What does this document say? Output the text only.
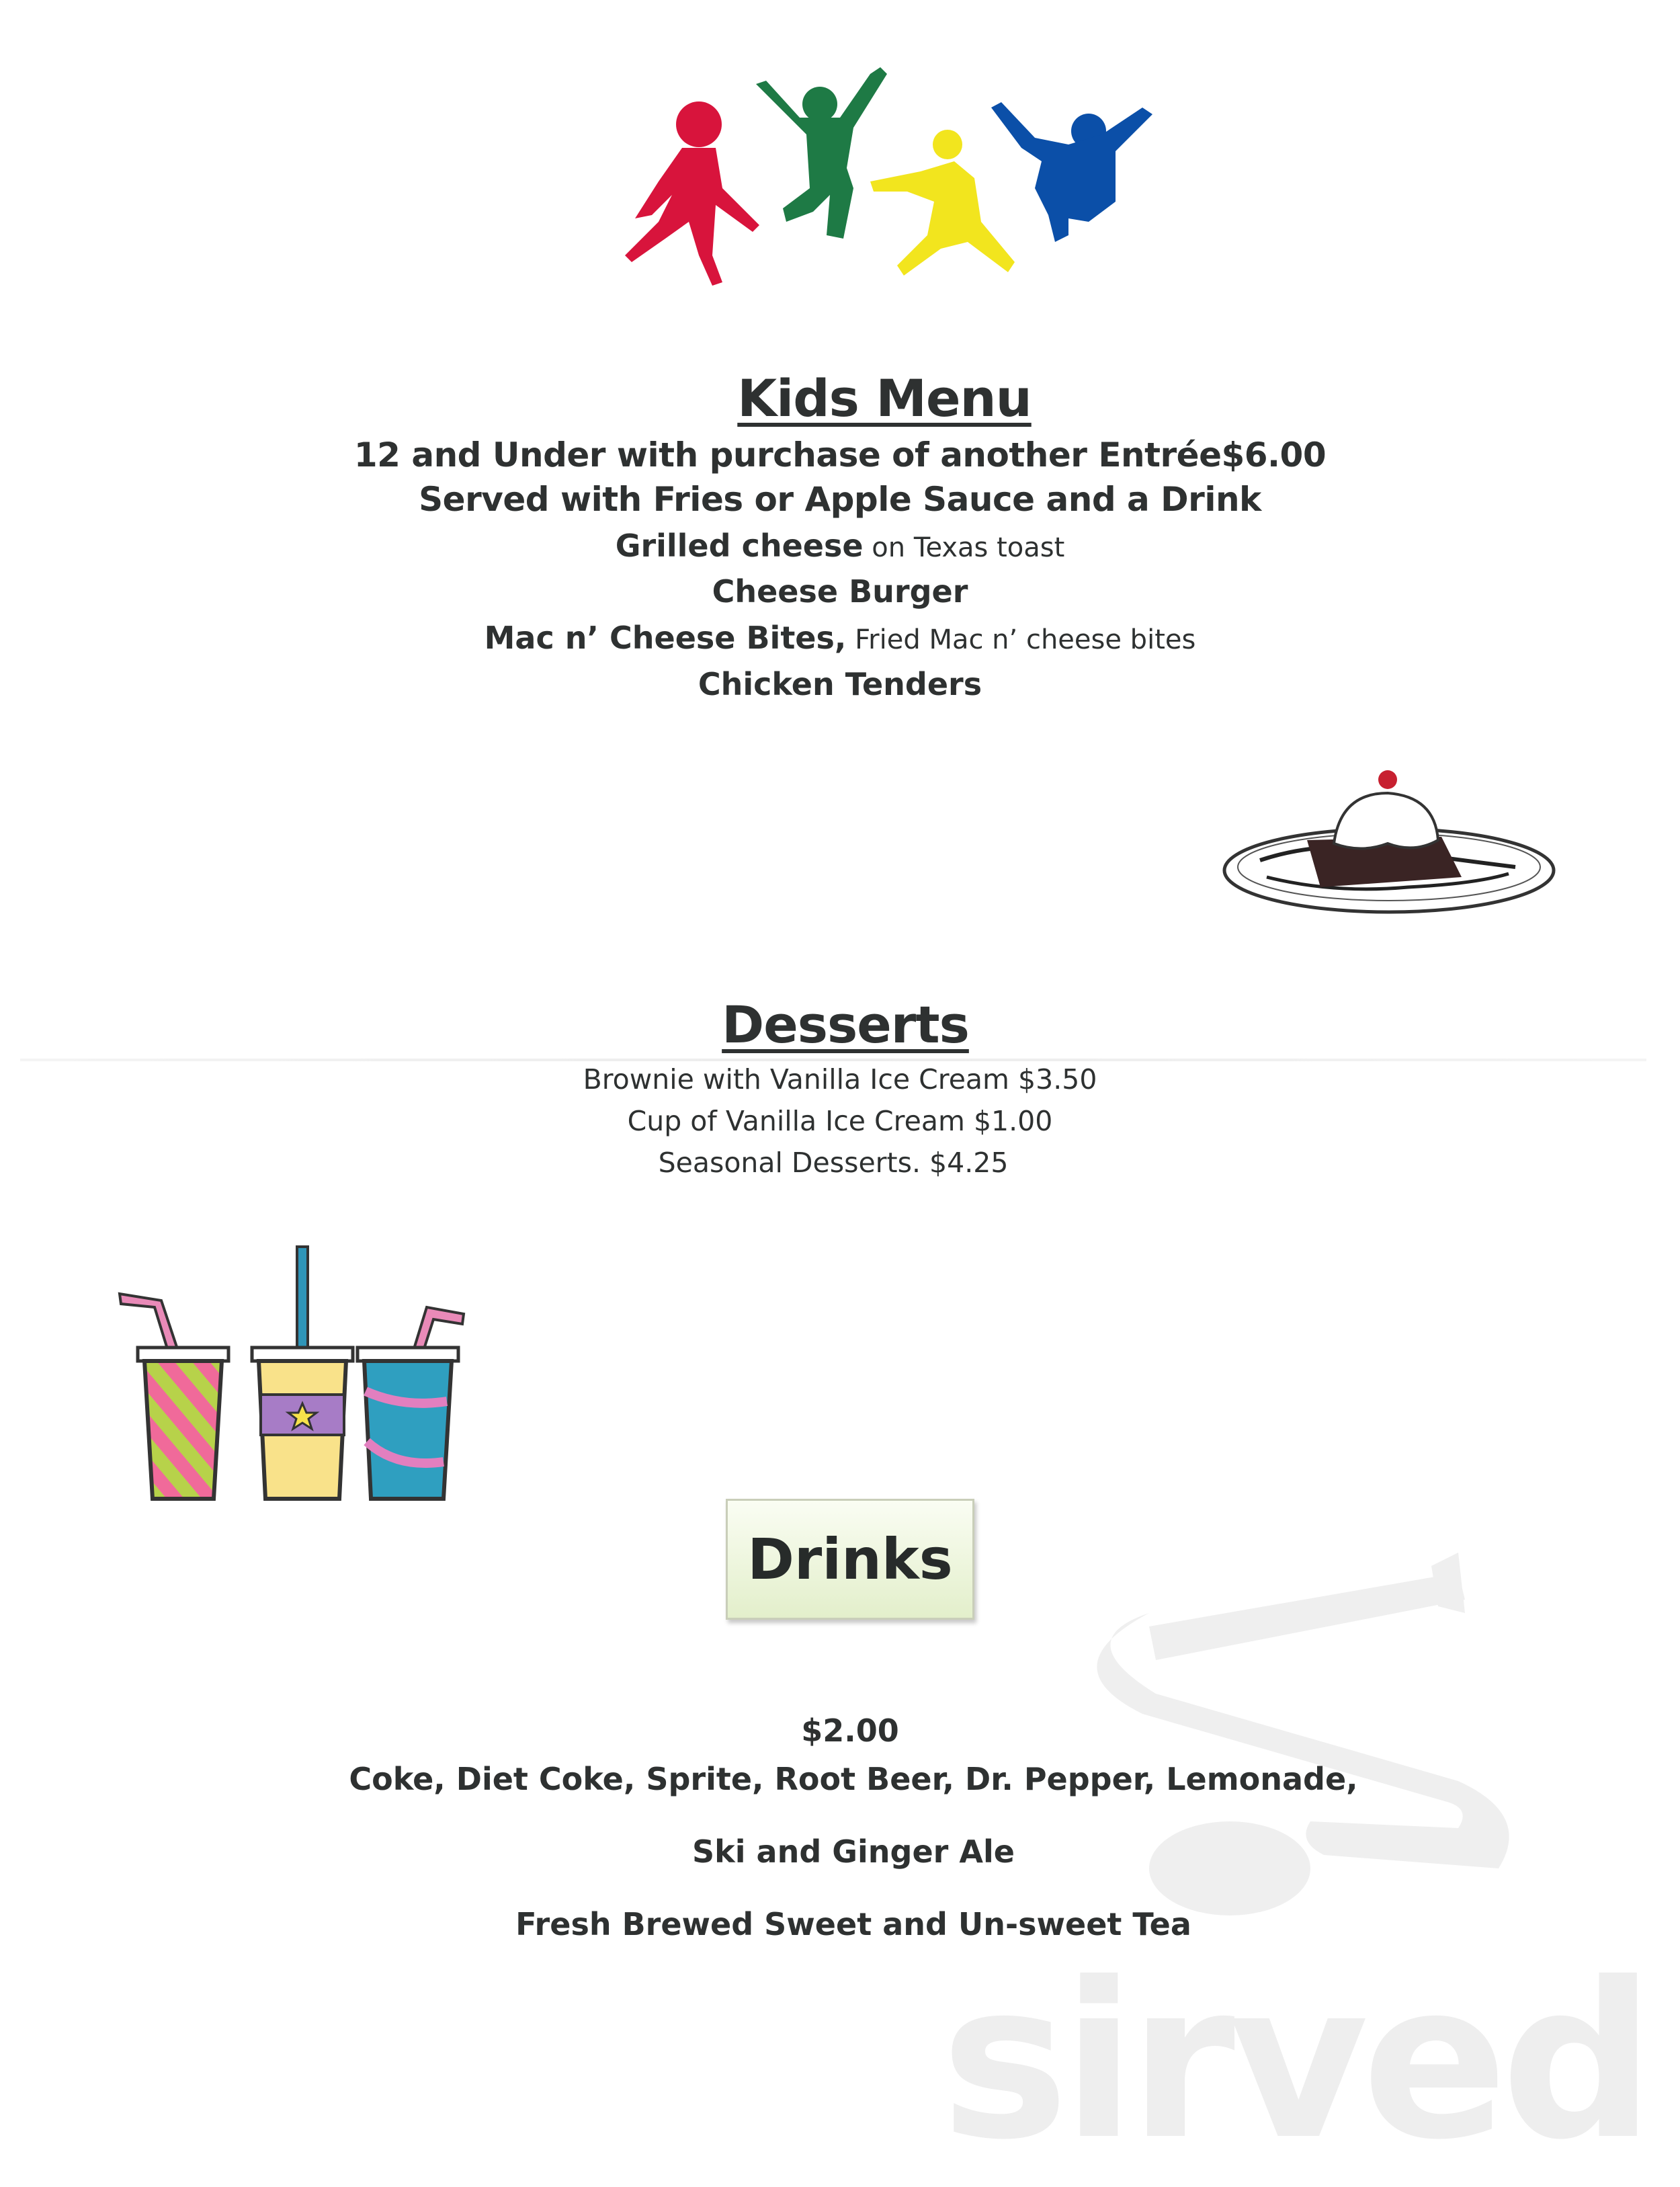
Kids Menu
12 and Under with purchase of another Entrée$6.00
Served with Fries or Apple Sauce and a Drink
Grilled cheese on Texas toast
Cheese Burger
Mac n’ Cheese Bites, Fried Mac n’ cheese bites
Chicken Tenders
Desserts
Brownie with Vanilla Ice Cream $3.50
Cup of Vanilla Ice Cream $1.00
Seasonal Desserts. $4.25
Drinks
sirved
$2.00
Coke, Diet Coke, Sprite, Root Beer, Dr. Pepper, Lemonade,
Ski and Ginger Ale
Fresh Brewed Sweet and Un-sweet Tea
